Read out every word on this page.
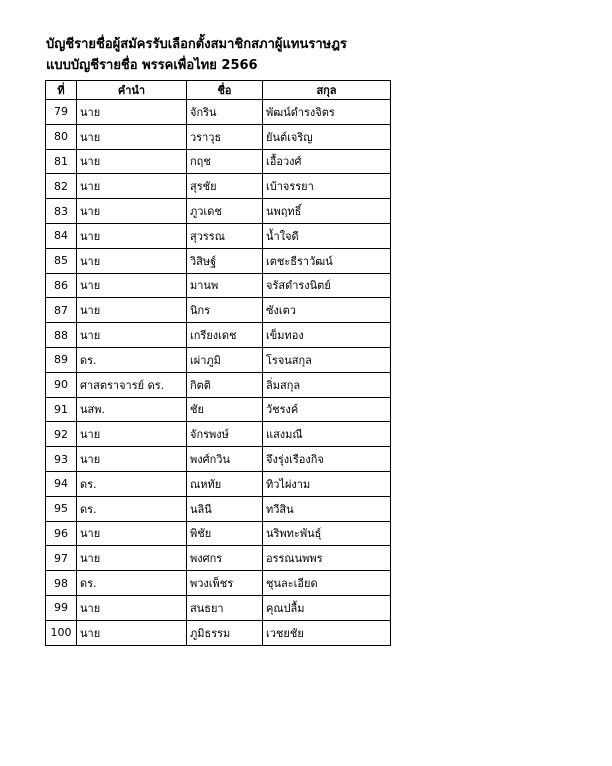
บัญชีรายชื่อผู้สมัครรับเลือกตั้งสมาชิกสภาผู้แทนราษฎร
แบบบัญชีรายชื่อ พรรคเพื่อไทย 2566
ที่	คำนำ	ชื่อ	สกุล
79	นาย	จักริน	พัฒน์ดำรงจิตร
80	นาย	วราวุธ	ยันต์เจริญ
81	นาย	กฤช	เอื้อวงศ์
82	นาย	สุรชัย	เบ้าจรรยา
83	นาย	ภูวเดช	นพฤทธิ์
84	นาย	สุวรรณ	น้ำใจดี
85	นาย	วิสิษฐ์	เตชะธีราวัฒน์
86	นาย	มานพ	จรัสดำรงนิตย์
87	นาย	นิกร	ซังเตว
88	นาย	เกรียงเดช	เข็มทอง
89	ดร.	เผ่าภูมิ	โรจนสกุล
90	ศาสตราจารย์ ดร.	กิตติ	ลิ่มสกุล
91	นสพ.	ชัย	วัชรงค์
92	นาย	จักรพงษ์	แสงมณี
93	นาย	พงศ์กวิน	จึงรุ่งเรืองกิจ
94	ดร.	ณหทัย	ทิวไผ่งาม
95	ดร.	นลินี	ทวีสิน
96	นาย	พิชัย	นริพทะพันธุ์
97	นาย	พงศกร	อรรณนพพร
98	ดร.	พวงเพ็ชร	ชุนละเอียด
99	นาย	สนธยา	คุณปลื้ม
100	นาย	ภูมิธรรม	เวชยชัย
